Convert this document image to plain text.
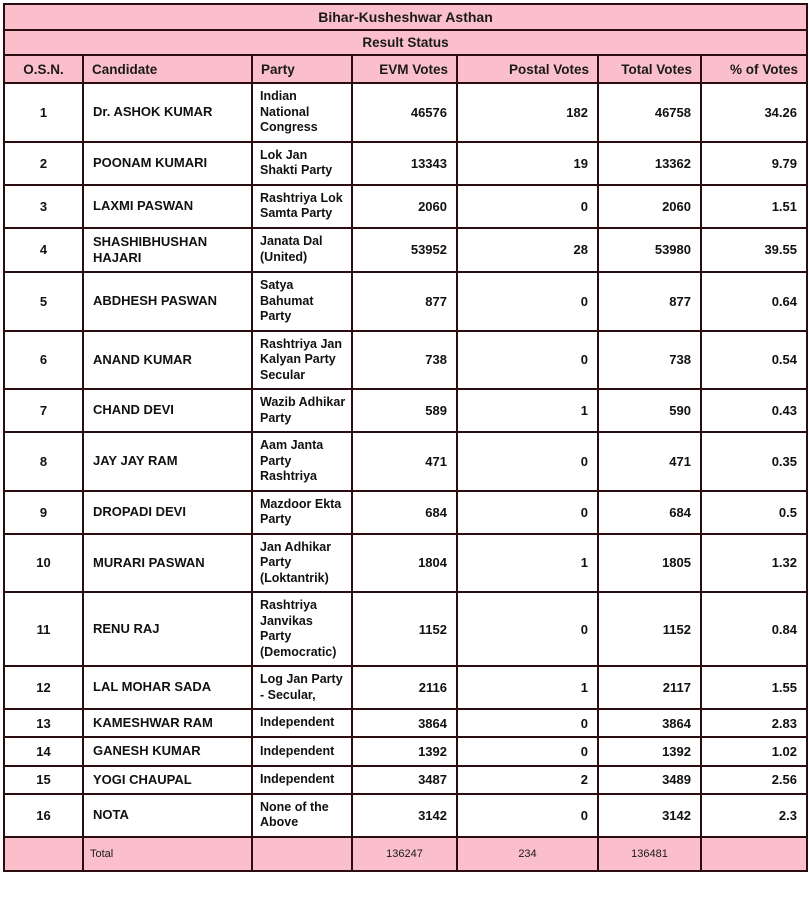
Bihar-Kusheshwar Asthan						
Result Status						
O.S.N.	Candidate	Party	EVM Votes	Postal Votes	Total Votes	% of Votes
1	Dr. ASHOK KUMAR	Indian National Congress	46576	182	46758	34.26
2	POONAM KUMARI	Lok Jan Shakti Party	13343	19	13362	9.79
3	LAXMI PASWAN	Rashtriya Lok Samta Party	2060	0	2060	1.51
4	SHASHIBHUSHAN HAJARI	Janata Dal (United)	53952	28	53980	39.55
5	ABDHESH PASWAN	Satya Bahumat Party	877	0	877	0.64
6	ANAND KUMAR	Rashtriya Jan Kalyan Party Secular	738	0	738	0.54
7	CHAND DEVI	Wazib Adhikar Party	589	1	590	0.43
8	JAY JAY RAM	Aam Janta Party Rashtriya	471	0	471	0.35
9	DROPADI DEVI	Mazdoor Ekta Party	684	0	684	0.5
10	MURARI PASWAN	Jan Adhikar Party (Loktantrik)	1804	1	1805	1.32
11	RENU RAJ	Rashtriya Janvikas Party (Democratic)	1152	0	1152	0.84
12	LAL MOHAR SADA	Log Jan Party - Secular,	2116	1	2117	1.55
13	KAMESHWAR RAM	Independent	3864	0	3864	2.83
14	GANESH KUMAR	Independent	1392	0	1392	1.02
15	YOGI CHAUPAL	Independent	3487	2	3489	2.56
16	NOTA	None of the Above	3142	0	3142	2.3
	Total		136247	234	136481	
